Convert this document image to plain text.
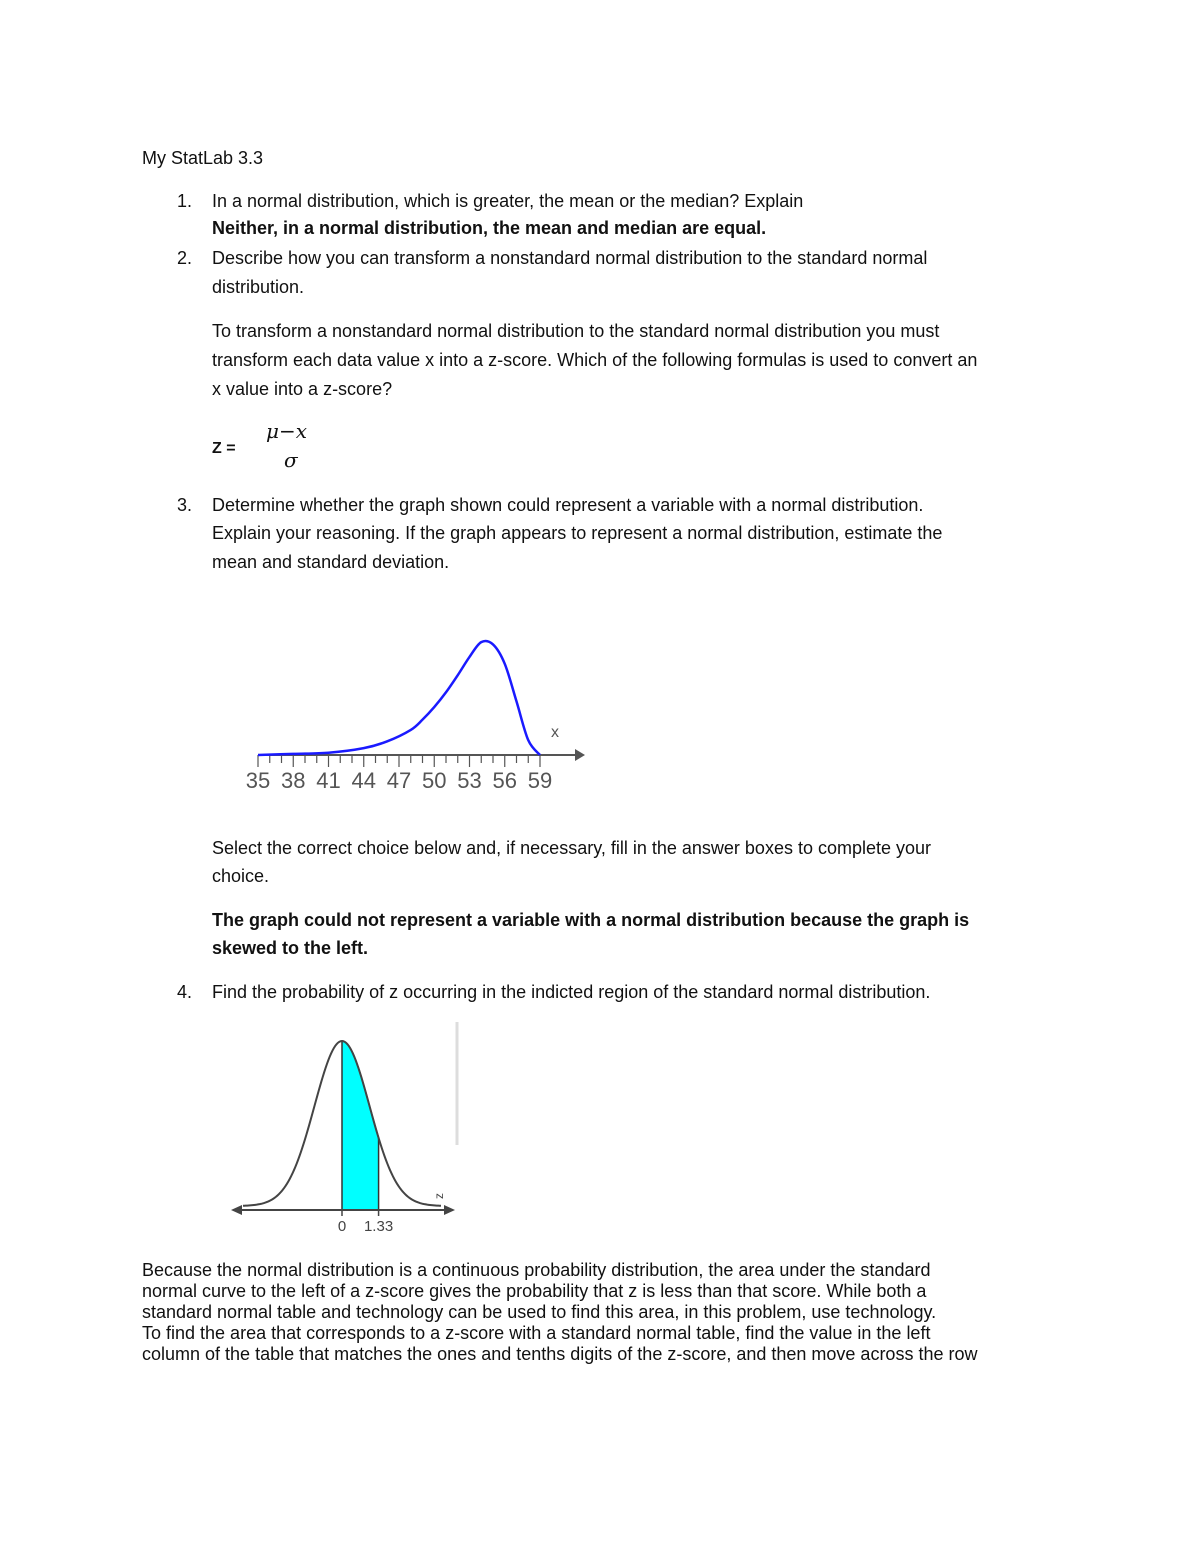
My StatLab 3.3
1. In a normal distribution, which is greater, the mean or the median? Explain
Neither, in a normal distribution, the mean and median are equal.
2. Describe how you can transform a nonstandard normal distribution to the standard normal
distribution.
To transform a nonstandard normal distribution to the standard normal distribution you must
transform each data value x into a z-score. Which of the following formulas is used to convert an
x value into a z-score?
Z =
μ−x
σ
3. Determine whether the graph shown could represent a variable with a normal distribution.
Explain your reasoning. If the graph appears to represent a normal distribution, estimate the
mean and standard deviation.
x
35 38 41 44 47 50 53 56 59
Select the correct choice below and, if necessary, fill in the answer boxes to complete your
choice.
The graph could not represent a variable with a normal distribution because the graph is
skewed to the left.
4. Find the probability of z occurring in the indicted region of the standard normal distribution.
z
0 1.33
Because the normal distribution is a continuous probability distribution, the area under the standard
normal curve to the left of a z-score gives the probability that z is less than that score. While both a
standard normal table and technology can be used to find this area, in this problem, use technology.
To find the area that corresponds to a z-score with a standard normal table, find the value in the left
column of the table that matches the ones and tenths digits of the z-score, and then move across the row
